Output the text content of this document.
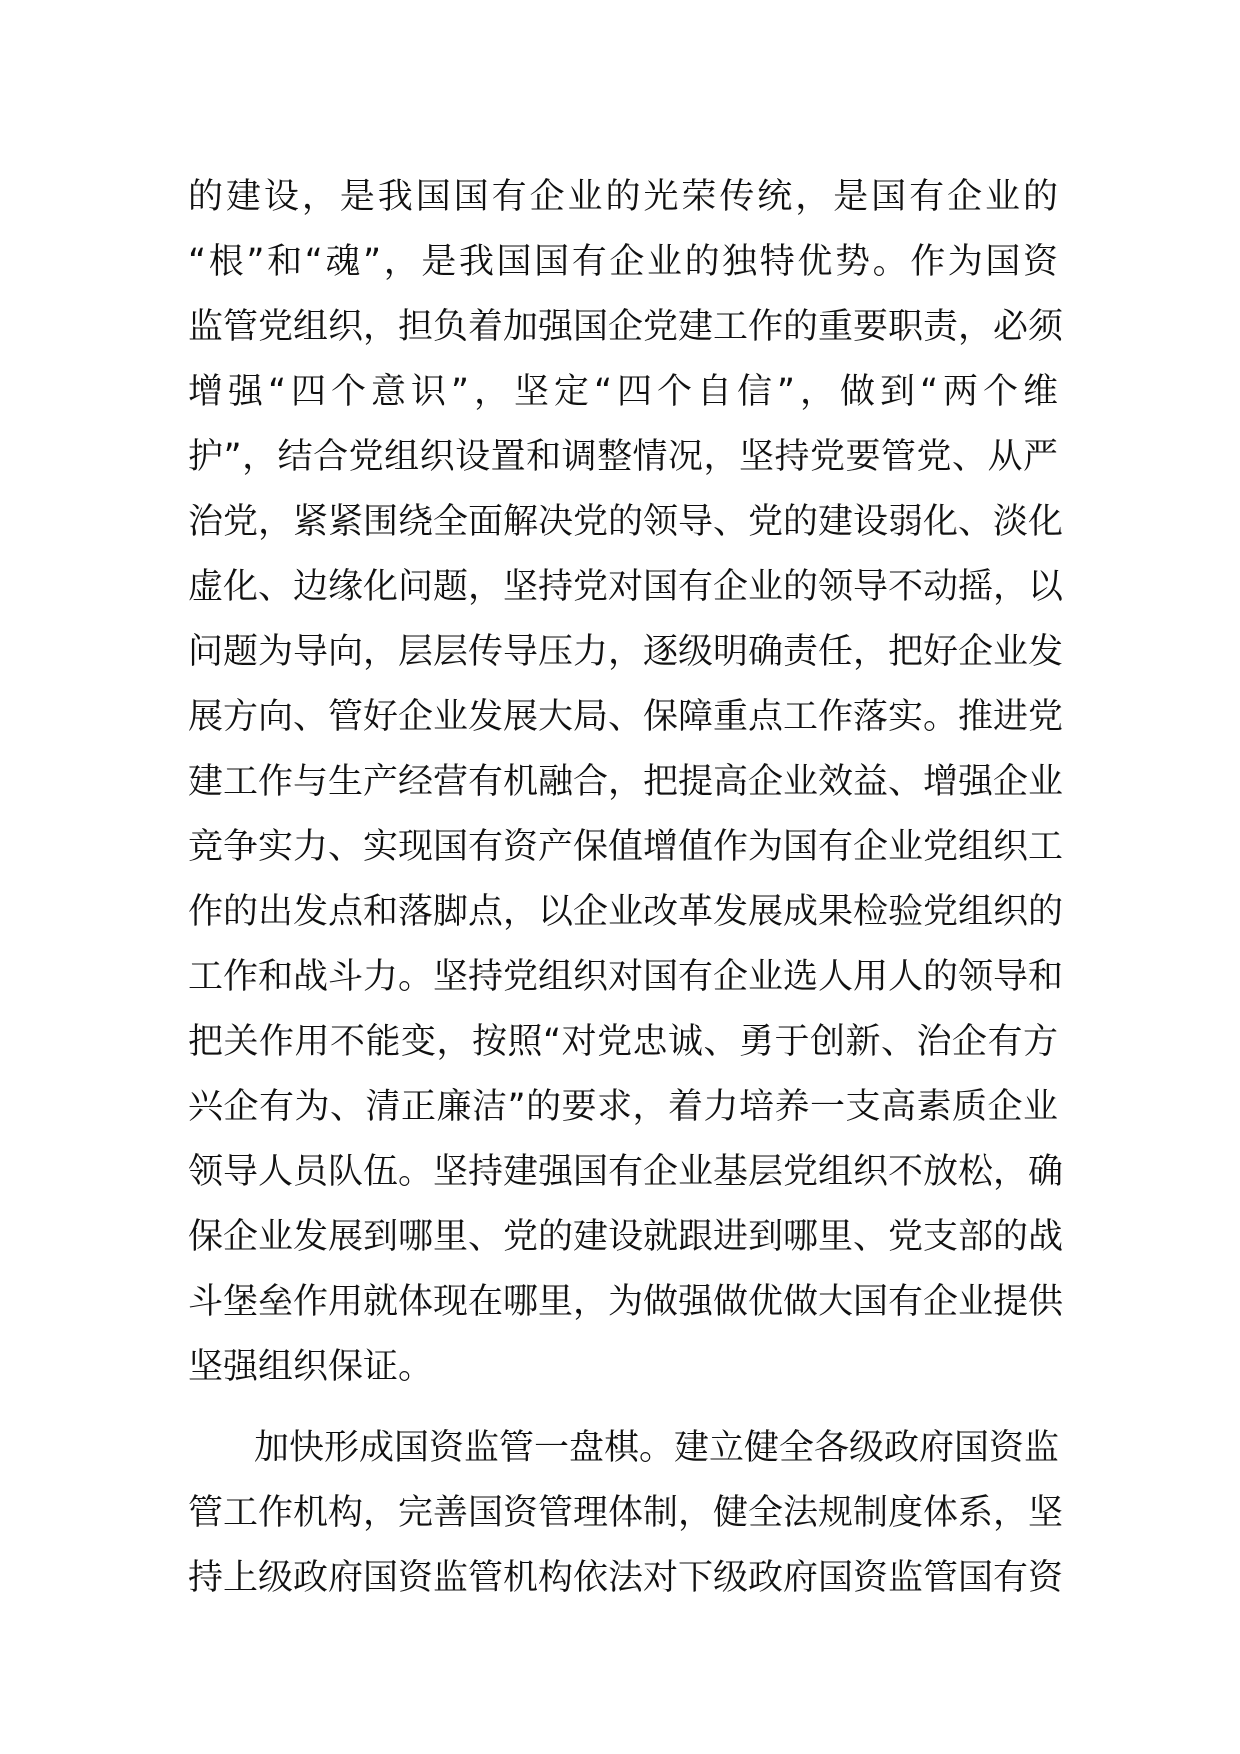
的建设，是我国国有企业的光荣传统，是国有企业的
“根”和“魂”，是我国国有企业的独特优势。作为国资
监管党组织，担负着加强国企党建工作的重要职责，必须
增强“四个意识”，坚定“四个自信”，做到“两个维
护”，结合党组织设置和调整情况，坚持党要管党、从严
治党，紧紧围绕全面解决党的领导、党的建设弱化、淡化
虚化、边缘化问题，坚持党对国有企业的领导不动摇，以
问题为导向，层层传导压力，逐级明确责任，把好企业发
展方向、管好企业发展大局、保障重点工作落实。推进党
建工作与生产经营有机融合，把提高企业效益、增强企业
竞争实力、实现国有资产保值增值作为国有企业党组织工
作的出发点和落脚点，以企业改革发展成果检验党组织的
工作和战斗力。坚持党组织对国有企业选人用人的领导和
把关作用不能变，按照“对党忠诚、勇于创新、治企有方
兴企有为、清正廉洁”的要求，着力培养一支高素质企业
领导人员队伍。坚持建强国有企业基层党组织不放松，确
保企业发展到哪里、党的建设就跟进到哪里、党支部的战
斗堡垒作用就体现在哪里，为做强做优做大国有企业提供
坚强组织保证。
加快形成国资监管一盘棋。建立健全各级政府国资监
管工作机构，完善国资管理体制，健全法规制度体系，坚
持上级政府国资监管机构依法对下级政府国资监管国有资
